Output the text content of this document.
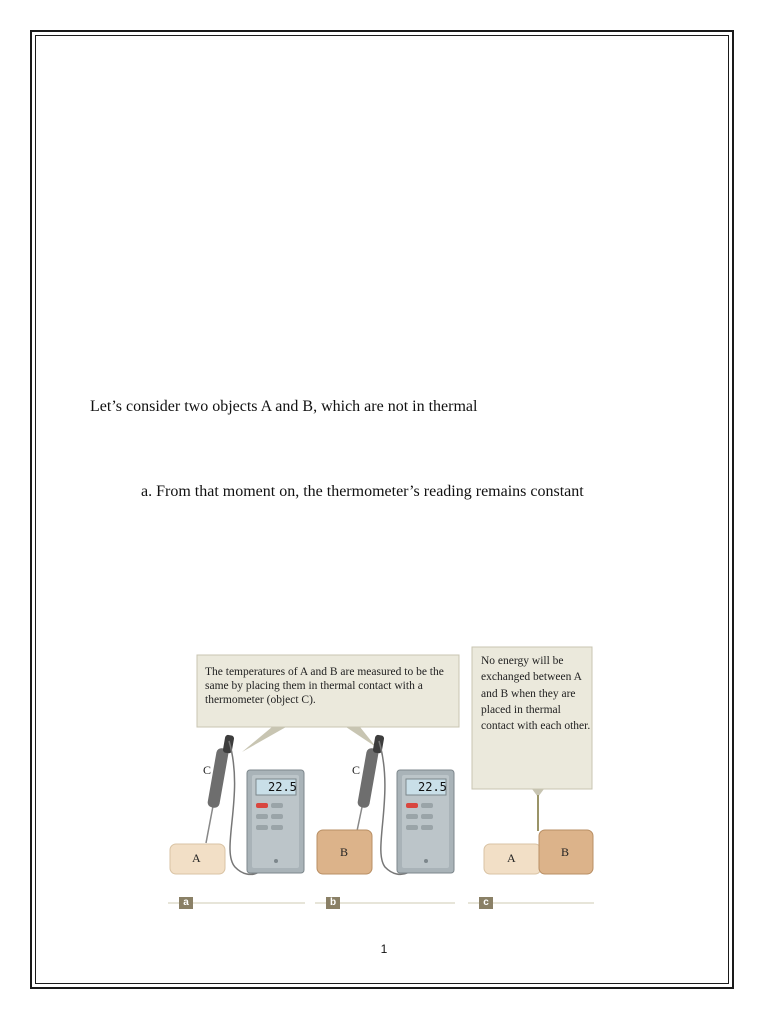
Let’s consider two objects A and B, which are not in thermal
a. From that moment on, the thermometer’s reading remains constant
The temperatures of A and B are measured to be the same by placing them in thermal contact with a thermometer (object C).
No energy will be exchanged between A and B when they are placed in thermal contact with each other.
C	C
A	B	A	B
22.5	22.5
a	b	c
1
